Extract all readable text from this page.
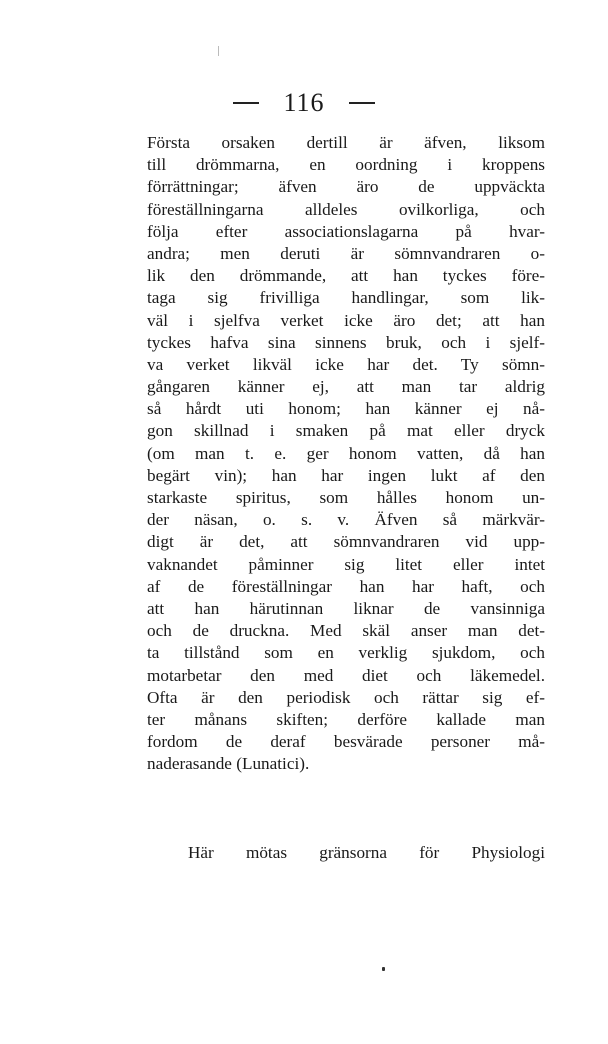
116
Första orsaken dertill är äfven, liksom
till drömmarna, en oordning i kroppens
förrättningar; äfven äro de uppväckta
föreställningarna alldeles ovilkorliga, och
följa efter associationslagarna på hvar-
andra; men deruti är sömnvandraren o-
lik den drömmande, att han tyckes före-
taga sig frivilliga handlingar, som lik-
väl i sjelfva verket icke äro det; att han
tyckes hafva sina sinnens bruk, och i sjelf-
va verket likväl icke har det. Ty sömn-
gångaren känner ej, att man tar aldrig
så hårdt uti honom; han känner ej nå-
gon skillnad i smaken på mat eller dryck
(om man t. e. ger honom vatten, då han
begärt vin); han har ingen lukt af den
starkaste spiritus, som hålles honom un-
der näsan, o. s. v. Äfven så märkvär-
digt är det, att sömnvandraren vid upp-
vaknandet påminner sig litet eller intet
af de föreställningar han har haft, och
att han härutinnan liknar de vansinniga
och de druckna. Med skäl anser man det-
ta tillstånd som en verklig sjukdom, och
motarbetar den med diet och läkemedel.
Ofta är den periodisk och rättar sig ef-
ter månans skiften; derföre kallade man
fordom de deraf besvärade personer må-
naderasande (Lunatici).
Här mötas gränsorna för Physiologi
